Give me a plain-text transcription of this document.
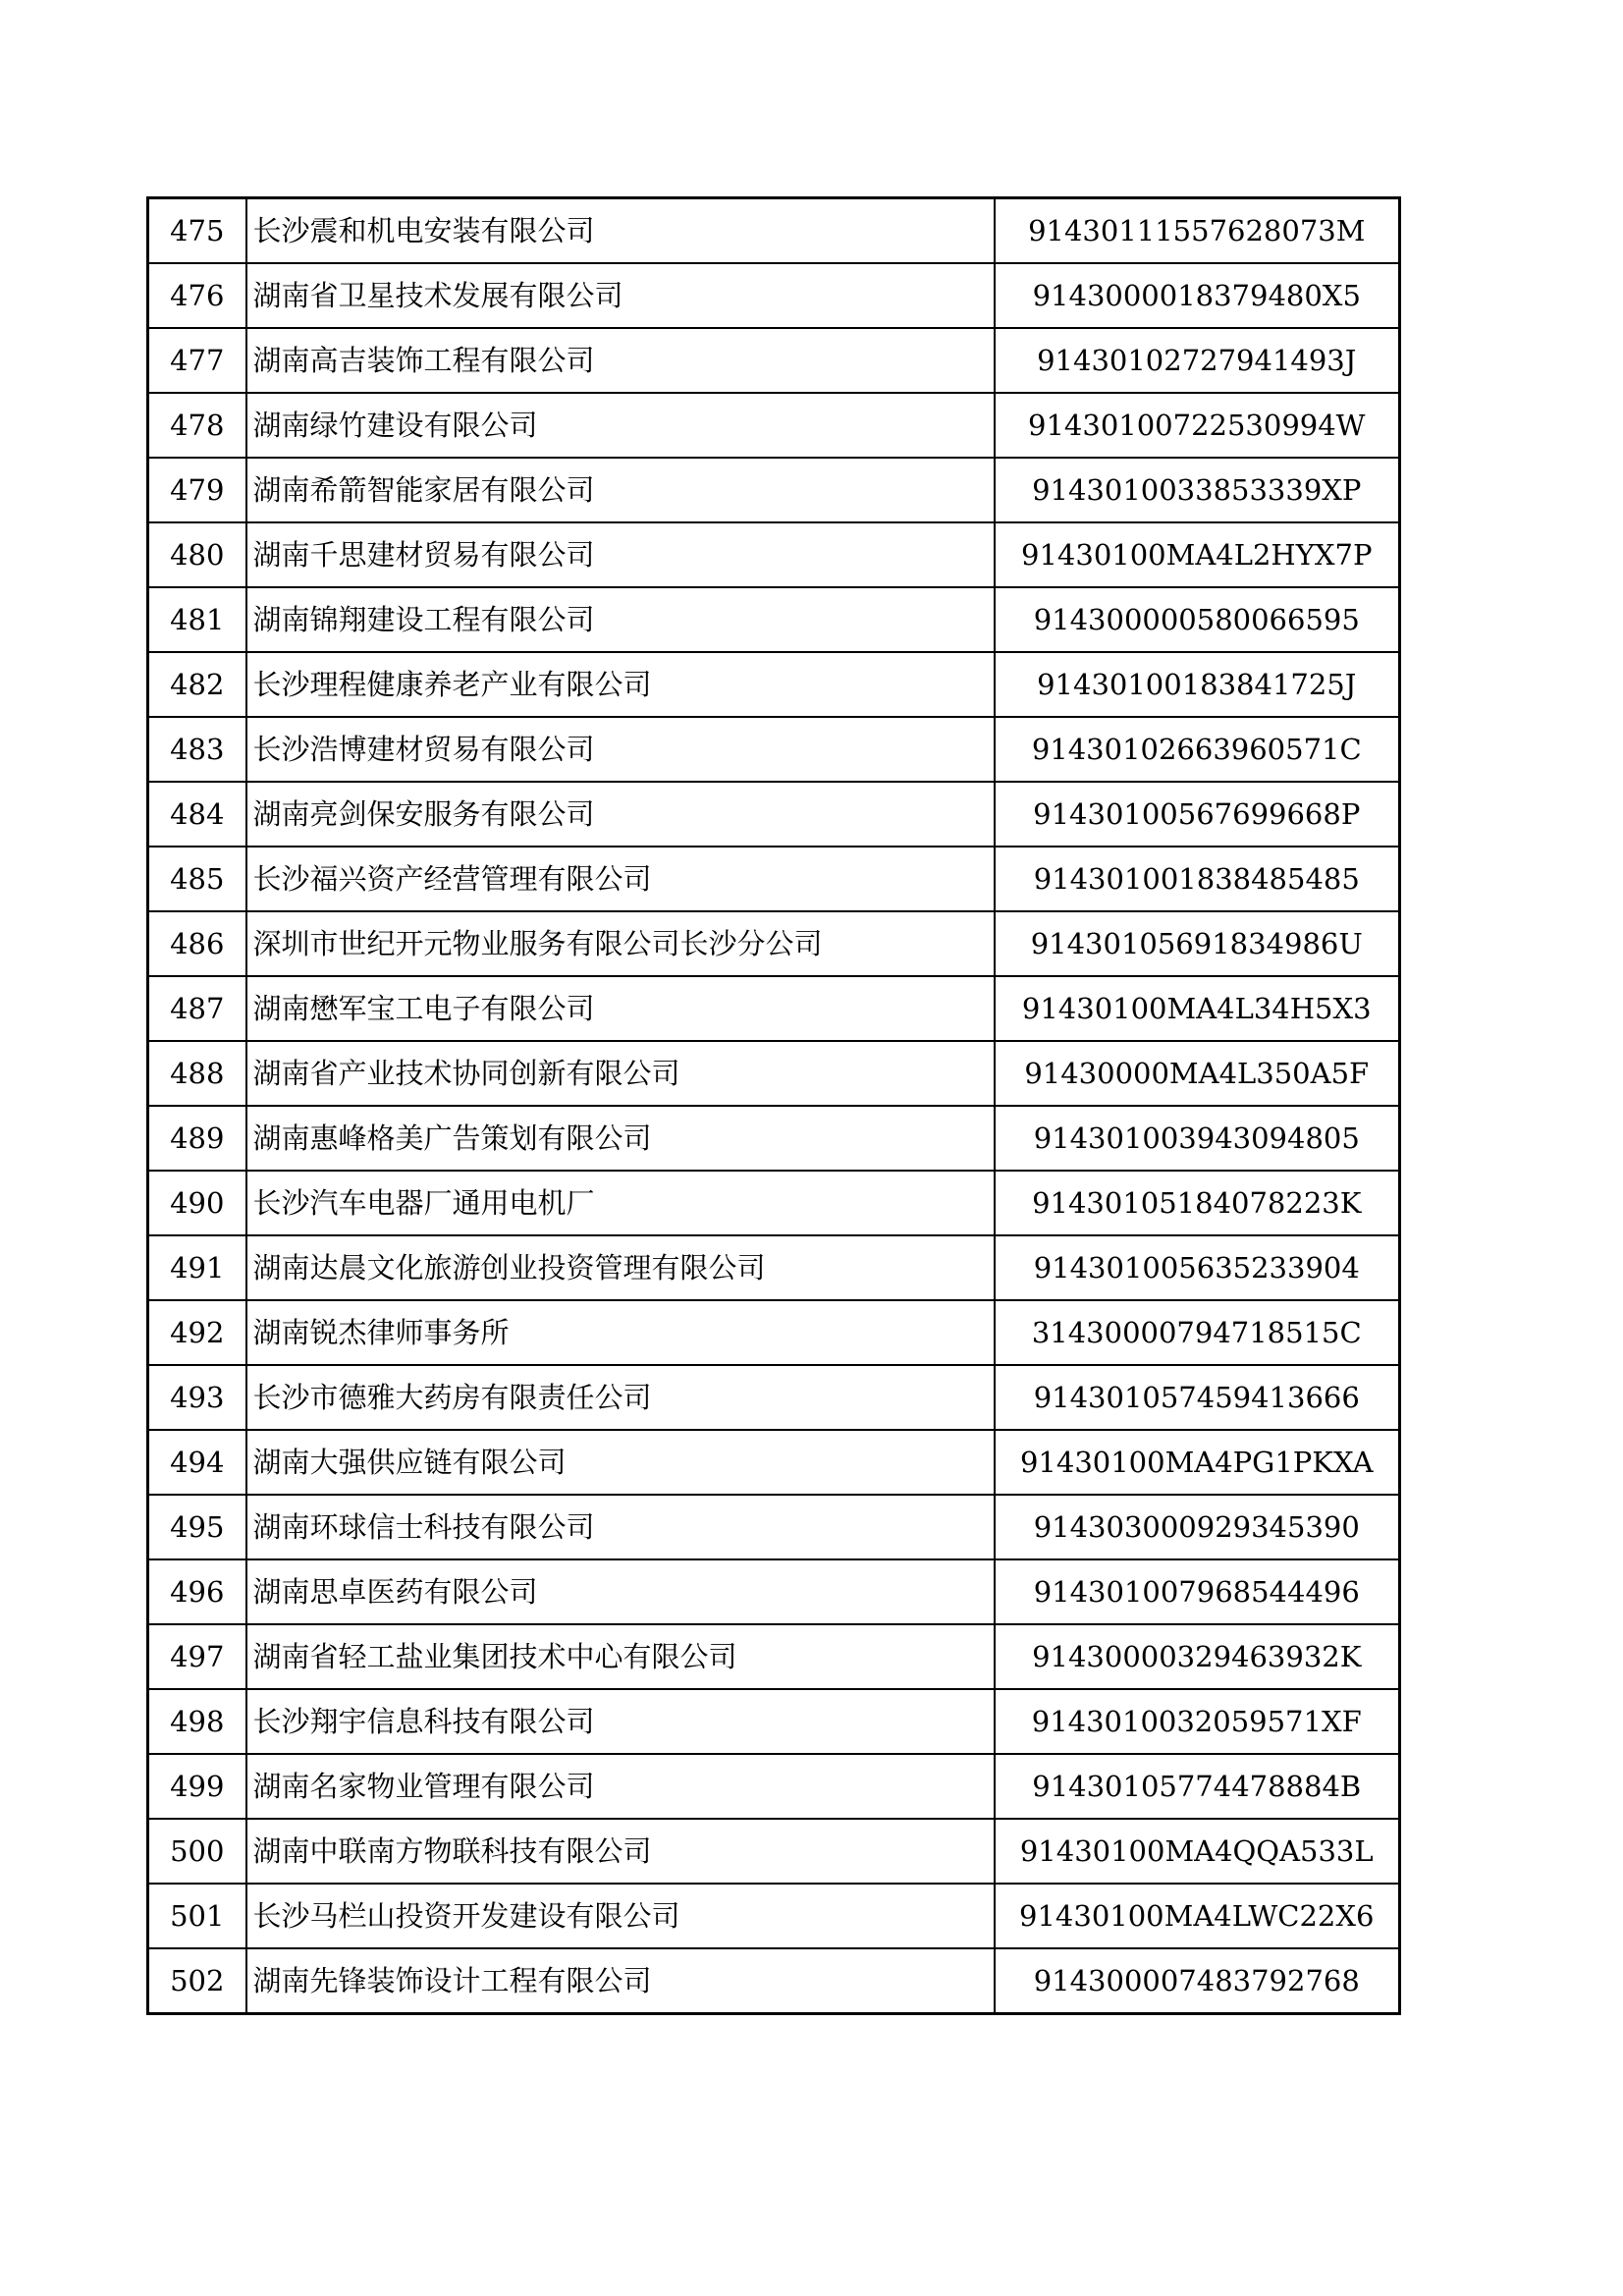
475	长沙震和机电安装有限公司	91430111557628073M
476	湖南省卫星技术发展有限公司	9143000018379480X5
477	湖南高吉装饰工程有限公司	91430102727941493J
478	湖南绿竹建设有限公司	91430100722530994W
479	湖南希箭智能家居有限公司	9143010033853339XP
480	湖南千思建材贸易有限公司	91430100MA4L2HYX7P
481	湖南锦翔建设工程有限公司	914300000580066595
482	长沙理程健康养老产业有限公司	91430100183841725J
483	长沙浩博建材贸易有限公司	91430102663960571C
484	湖南亮剑保安服务有限公司	91430100567699668P
485	长沙福兴资产经营管理有限公司	914301001838485485
486	深圳市世纪开元物业服务有限公司长沙分公司	91430105691834986U
487	湖南懋军宝工电子有限公司	91430100MA4L34H5X3
488	湖南省产业技术协同创新有限公司	91430000MA4L350A5F
489	湖南惠峰格美广告策划有限公司	914301003943094805
490	长沙汽车电器厂通用电机厂	91430105184078223K
491	湖南达晨文化旅游创业投资管理有限公司	914301005635233904
492	湖南锐杰律师事务所	31430000794718515C
493	长沙市德雅大药房有限责任公司	914301057459413666
494	湖南大强供应链有限公司	91430100MA4PG1PKXA
495	湖南环球信士科技有限公司	914303000929345390
496	湖南思卓医药有限公司	914301007968544496
497	湖南省轻工盐业集团技术中心有限公司	91430000329463932K
498	长沙翔宇信息科技有限公司	9143010032059571XF
499	湖南名家物业管理有限公司	91430105774478884B
500	湖南中联南方物联科技有限公司	91430100MA4QQA533L
501	长沙马栏山投资开发建设有限公司	91430100MA4LWC22X6
502	湖南先锋装饰设计工程有限公司	914300007483792768
